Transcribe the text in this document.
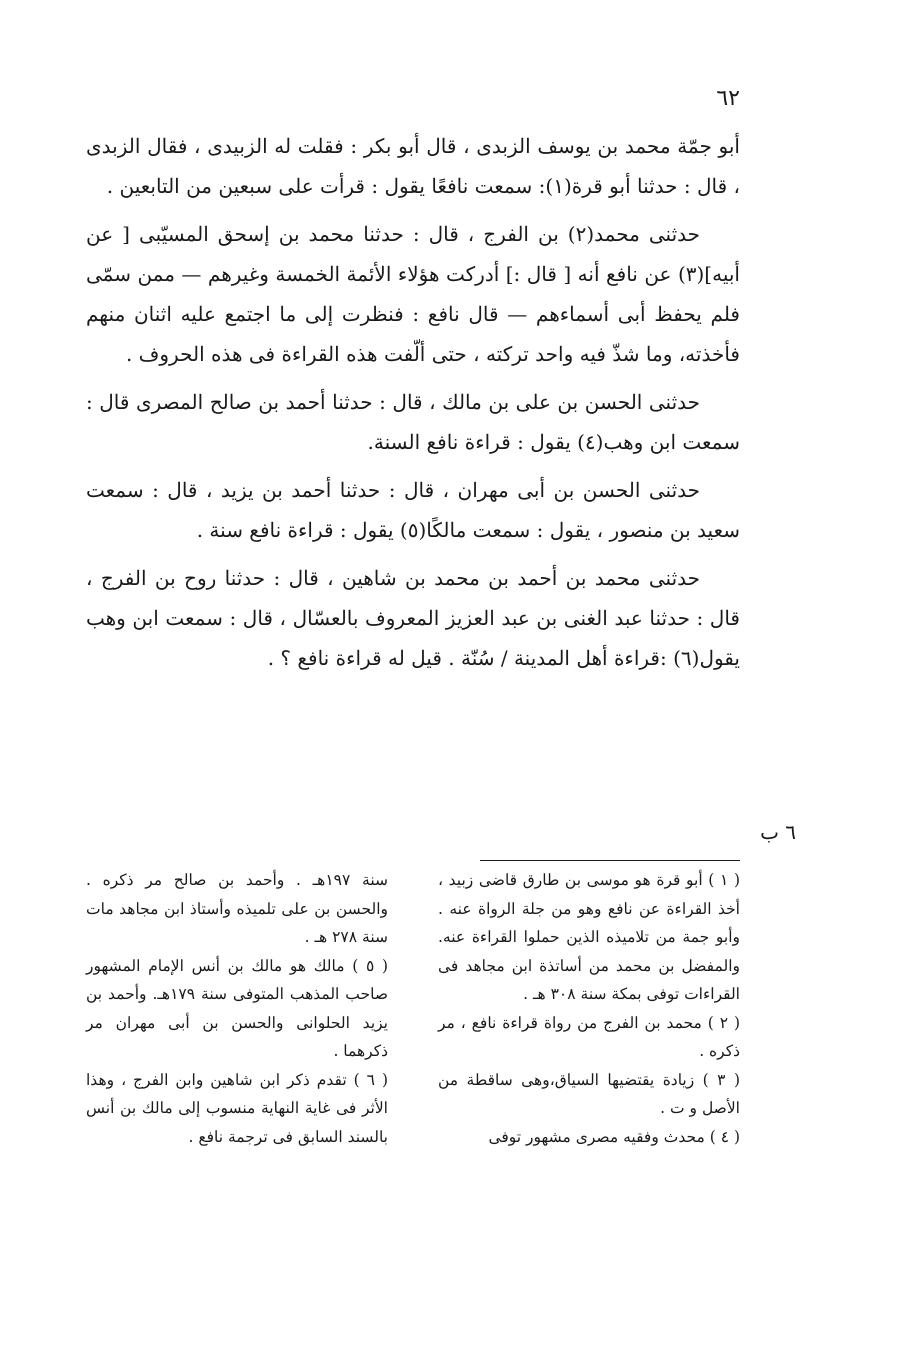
٦٢

أبو جمّة محمد بن يوسف الزبدى ، قال أبو بكر : فقلت له الزبيدى ، فقال الزبدى ، قال : حدثنا أبو قرة(١): سمعت نافعًا يقول : قرأت على سبعين من التابعين .

حدثنى محمد(٢) بن الفرج ، قال : حدثنا محمد بن إسحق المسيّبى [ عن أبيه](٣) عن نافع أنه [ قال :] أدركت هؤلاء الأئمة الخمسة وغيرهم — ممن سمّى فلم يحفظ أبى أسماءهم — قال نافع : فنظرت إلى ما اجتمع عليه اثنان منهم فأخذته، وما شذّ فيه واحد تركته ، حتى ألّفت هذه القراءة فى هذه الحروف .

حدثنى الحسن بن على بن مالك ، قال : حدثنا أحمد بن صالح المصرى قال : سمعت ابن وهب(٤) يقول : قراءة نافع السنة.

حدثنى الحسن بن أبى مهران ، قال : حدثنا أحمد بن يزيد ، قال : سمعت سعيد بن منصور ، يقول : سمعت مالكًا(٥) يقول : قراءة نافع سنة .

حدثنى محمد بن أحمد بن محمد بن شاهين ، قال : حدثنا روح بن الفرج ، قال : حدثنا عبد الغنى بن عبد العزيز المعروف بالعسّال ، قال : سمعت ابن وهب يقول(٦) :قراءة أهل المدينة / سُنّة . قيل له قراءة نافع ؟ .

٦ ب

( ١ ) أبو قرة هو موسى بن طارق قاضى زبيد ، أخذ القراءة عن نافع وهو من جلة الرواة عنه . وأبو جمة من تلاميذه الذين حملوا القراءة عنه. والمفضل بن محمد من أساتذة ابن مجاهد فى القراءات توفى بمكة سنة ٣٠٨ هـ .

( ٢ ) محمد بن الفرج من رواة قراءة نافع ، مر ذكره .

( ٣ ) زيادة يقتضيها السياق،وهى ساقطة من الأصل و ت .

( ٤ ) محدث وفقيه مصرى مشهور توفى

سنة ١٩٧هـ . وأحمد بن صالح مر ذكره . والحسن بن على تلميذه وأستاذ ابن مجاهد مات سنة ٢٧٨ هـ .

( ٥ ) مالك هو مالك بن أنس الإمام المشهور صاحب المذهب المتوفى سنة ١٧٩هـ. وأحمد بن يزيد الحلوانى والحسن بن أبى مهران مر ذكرهما .

( ٦ ) تقدم ذكر ابن شاهين وابن الفرج ، وهذا الأثر فى غاية النهاية منسوب إلى مالك بن أنس بالسند السابق فى ترجمة نافع .
